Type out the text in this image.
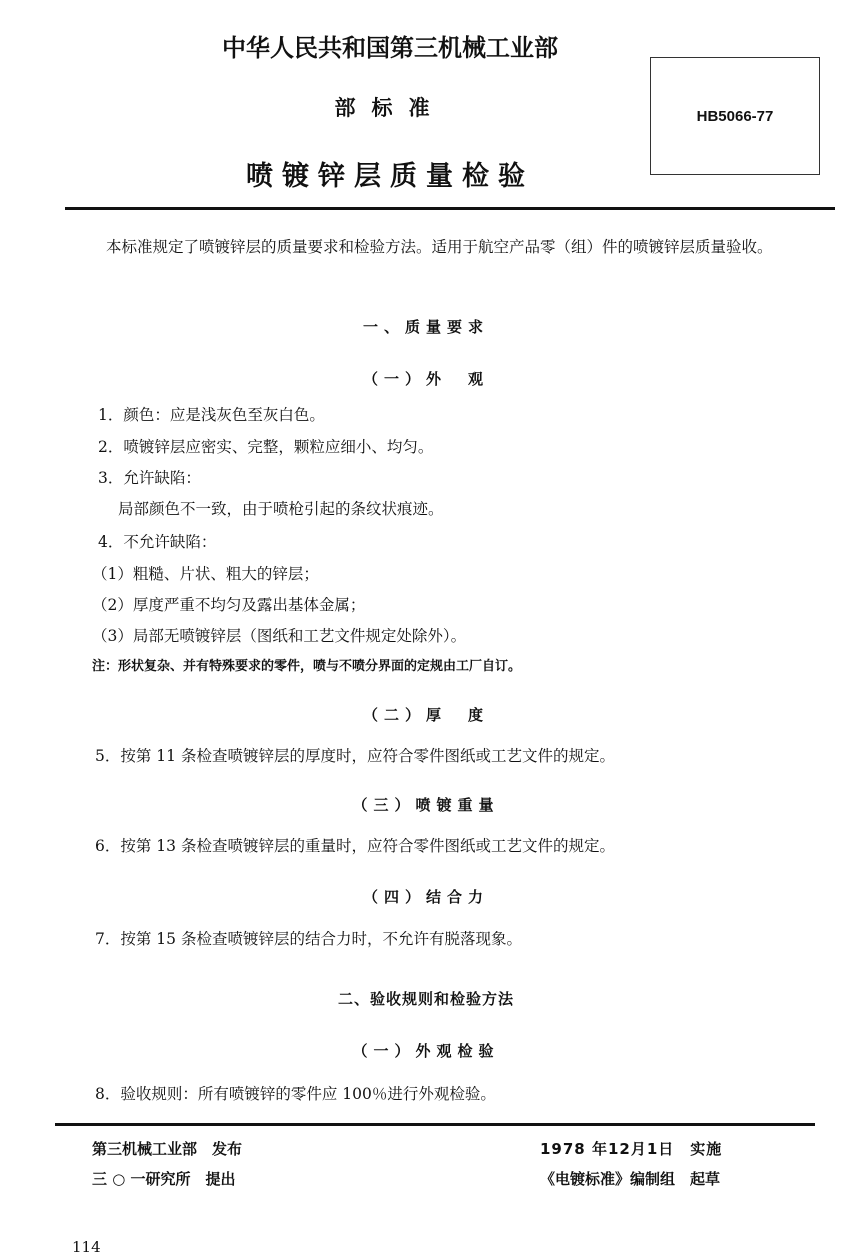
中华人民共和国第三机械工业部
部标准
喷镀锌层质量检验
HB5066-77
本标准规定了喷镀锌层的质量要求和检验方法。适用于航空产品零（组）件的喷镀锌层质量验收。
一、质量要求
（一）外　观
1．颜色：应是浅灰色至灰白色。
2．喷镀锌层应密实、完整，颗粒应细小、均匀。
3．允许缺陷：
局部颜色不一致，由于喷枪引起的条纹状痕迹。
4．不允许缺陷：
（1）粗糙、片状、粗大的锌层；
（2）厚度严重不均匀及露出基体金属；
（3）局部无喷镀锌层（图纸和工艺文件规定处除外）。
注：形状复杂、并有特殊要求的零件，喷与不喷分界面的定规由工厂自订。
（二）厚　度
5．按第 11 条检查喷镀锌层的厚度时，应符合零件图纸或工艺文件的规定。
（三）喷镀重量
6．按第 13 条检查喷镀锌层的重量时，应符合零件图纸或工艺文件的规定。
（四）结合力
7．按第 15 条检查喷镀锌层的结合力时，不允许有脱落现象。
二、验收规则和检验方法
（一）外观检验
8．验收规则：所有喷镀锌的零件应 100％进行外观检验。
第三机械工业部　发布
三 ○ 一研究所　提出
1978 年12月1日　实施
《电镀标准》编制组　起草
114
